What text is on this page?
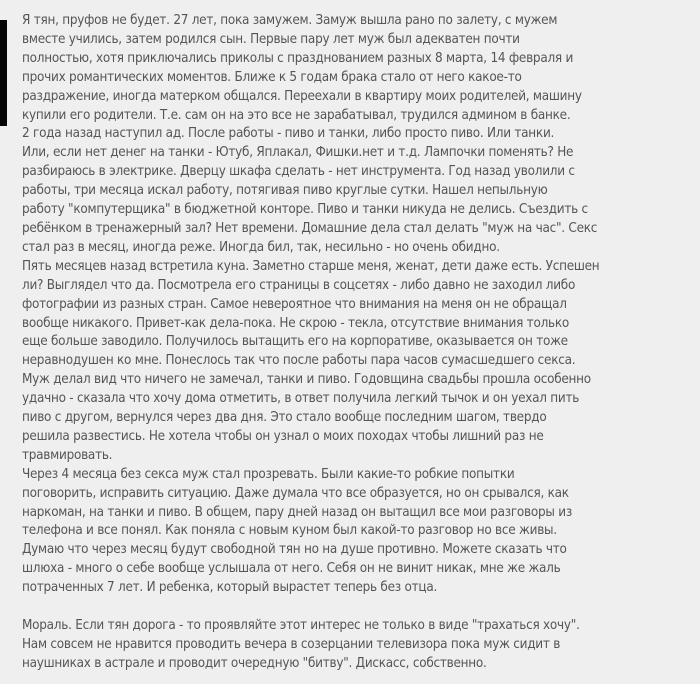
Я тян, пруфов не будет. 27 лет, пока замужем. Замуж вышла рано по залету, с мужем
вместе учились, затем родился сын. Первые пару лет муж был адекватен почти
полностью, хотя приключались приколы с празднованием разных 8 марта, 14 февраля и
прочих романтических моментов. Ближе к 5 годам брака стало от него какое-то
раздражение, иногда матерком общался. Переехали в квартиру моих родителей, машину
купили его родители. Т.е. сам он на это все не зарабатывал, трудился админом в банке.
2 года назад наступил ад. После работы - пиво и танки, либо просто пиво. Или танки.
Или, если нет денег на танки - Ютуб, Яплакал, Фишки.нет и т.д. Лампочки поменять? Не
разбираюсь в электрике. Дверцу шкафа сделать - нет инструмента. Год назад уволили с
работы, три месяца искал работу, потягивая пиво круглые сутки. Нашел непыльную
работу "компутерщика" в бюджетной конторе. Пиво и танки никуда не делись. Съездить с
ребёнком в тренажерный зал? Нет времени. Домашние дела стал делать "муж на час". Секс
стал раз в месяц, иногда реже. Иногда бил, так, несильно - но очень обидно.
Пять месяцев назад встретила куна. Заметно старше меня, женат, дети даже есть. Успешен
ли? Выглядел что да. Посмотрела его страницы в соцсетях - либо давно не заходил либо
фотографии из разных стран. Самое невероятное что внимания на меня он не обращал
вообще никакого. Привет-как дела-пока. Не скрою - текла, отсутствие внимания только
еще больше заводило. Получилось вытащить его на корпоративе, оказывается он тоже
неравнодушен ко мне. Понеслось так что после работы пара часов сумасшедшего секса.
Муж делал вид что ничего не замечал, танки и пиво. Годовщина свадьбы прошла особенно
удачно - сказала что хочу дома отметить, в ответ получила легкий тычок и он уехал пить
пиво с другом, вернулся через два дня. Это стало вообще последним шагом, твердо
решила развестись. Не хотела чтобы он узнал о моих походах чтобы лишний раз не
травмировать.
Через 4 месяца без секса муж стал прозревать. Были какие-то робкие попытки
поговорить, исправить ситуацию. Даже думала что все образуется, но он срывался, как
наркоман, на танки и пиво. В общем, пару дней назад он вытащил все мои разговоры из
телефона и все понял. Как поняла с новым куном был какой-то разговор но все живы.
Думаю что через месяц будут свободной тян но на душе противно. Можете сказать что
шлюха - много о себе вообще услышала от него. Себя он не винит никак, мне же жаль
потраченных 7 лет. И ребенка, который вырастет теперь без отца.
Мораль. Если тян дорога - то проявляйте этот интерес не только в виде "трахаться хочу".
Нам совсем не нравится проводить вечера в созерцании телевизора пока муж сидит в
наушниках в астрале и проводит очередную "битву". Дискасс, собственно.
